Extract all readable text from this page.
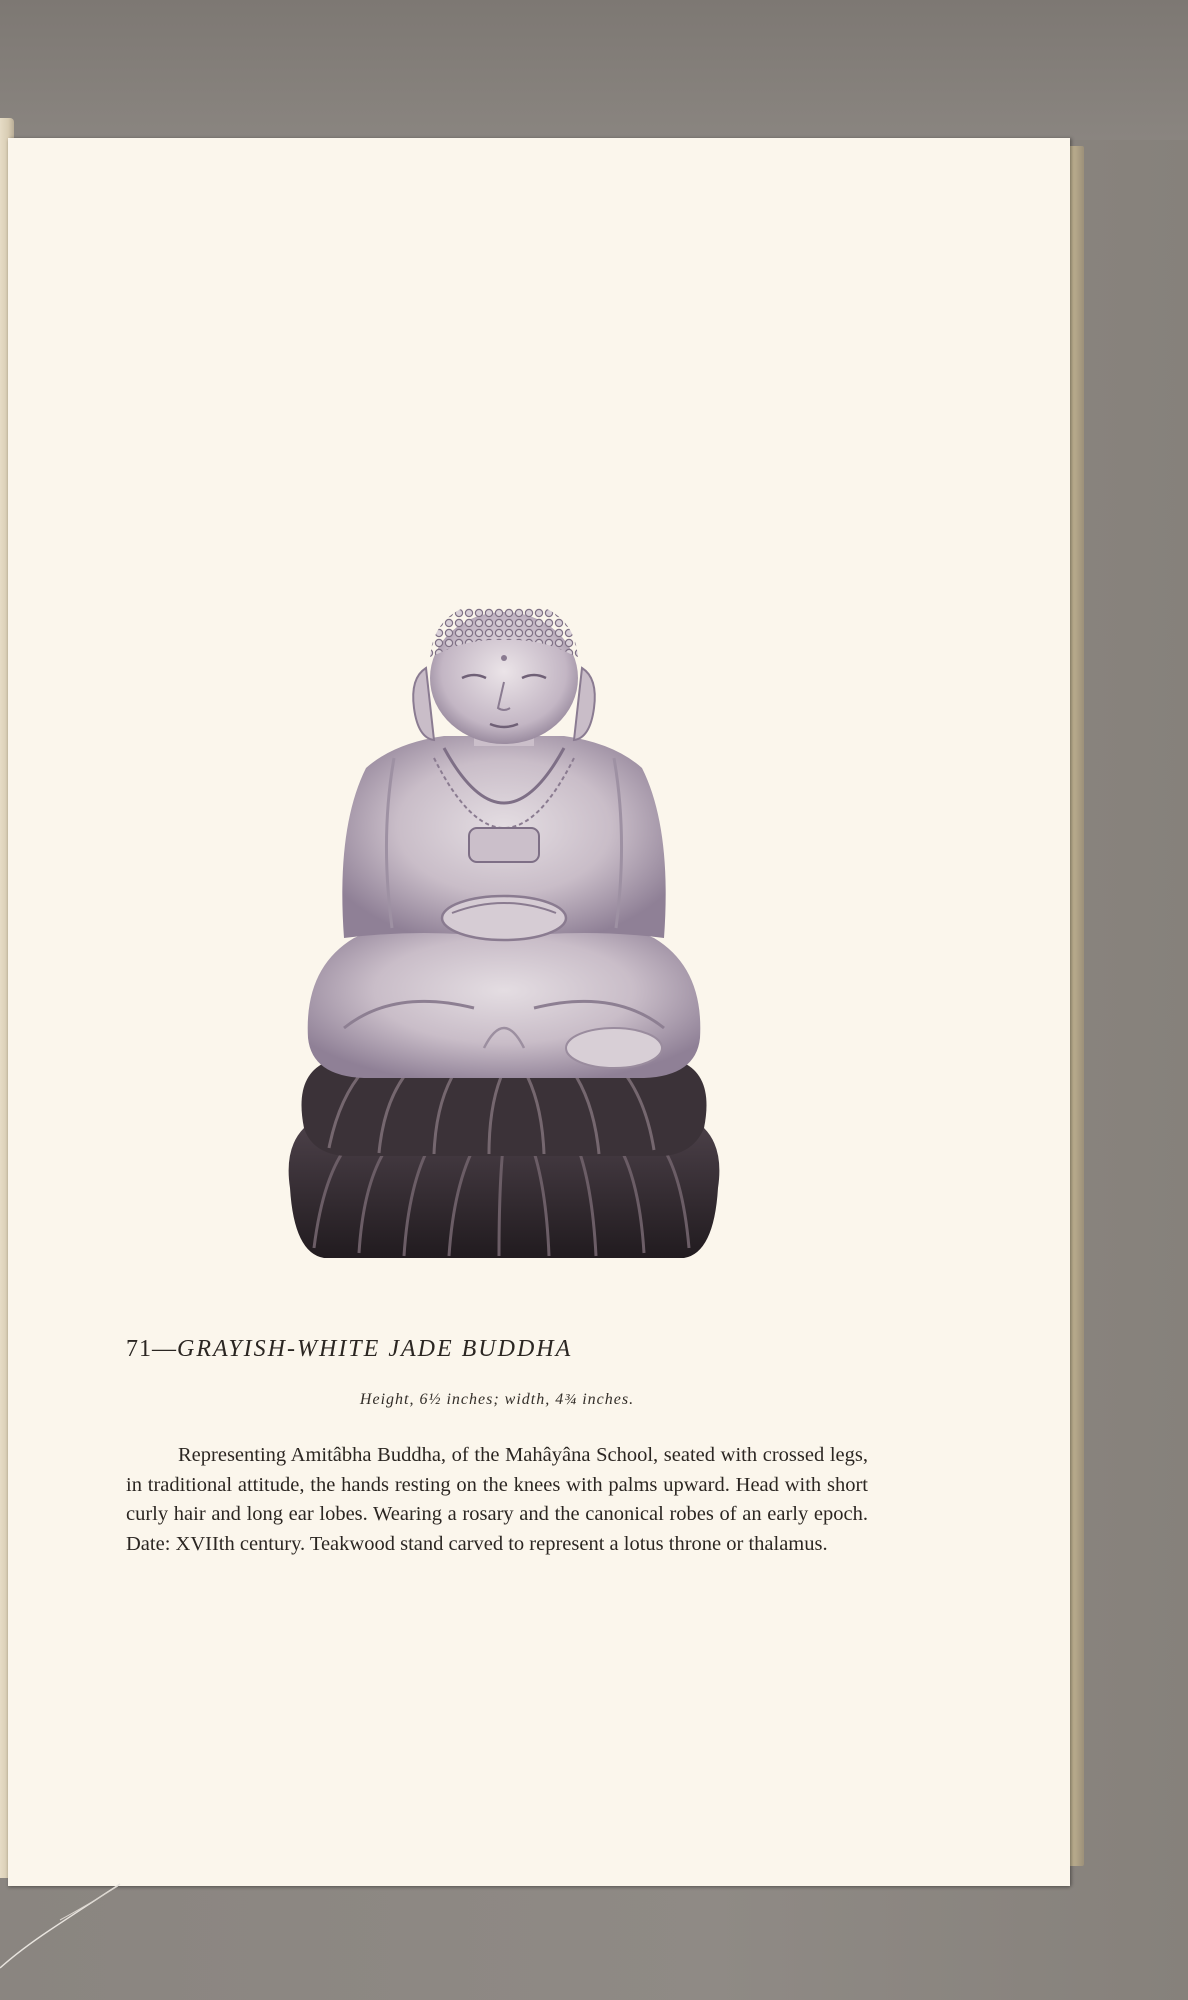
71—GRAYISH-WHITE JADE BUDDHA
Height, 6½ inches; width, 4¾ inches.

Representing Amitâbha Buddha, of the Mahâyâna School, seated with crossed legs, in traditional attitude, the hands resting on the knees with palms upward. Head with short curly hair and long ear lobes. Wearing a rosary and the canonical robes of an early epoch. Date: XVIIth century. Teakwood stand carved to represent a lotus throne or thalamus.
